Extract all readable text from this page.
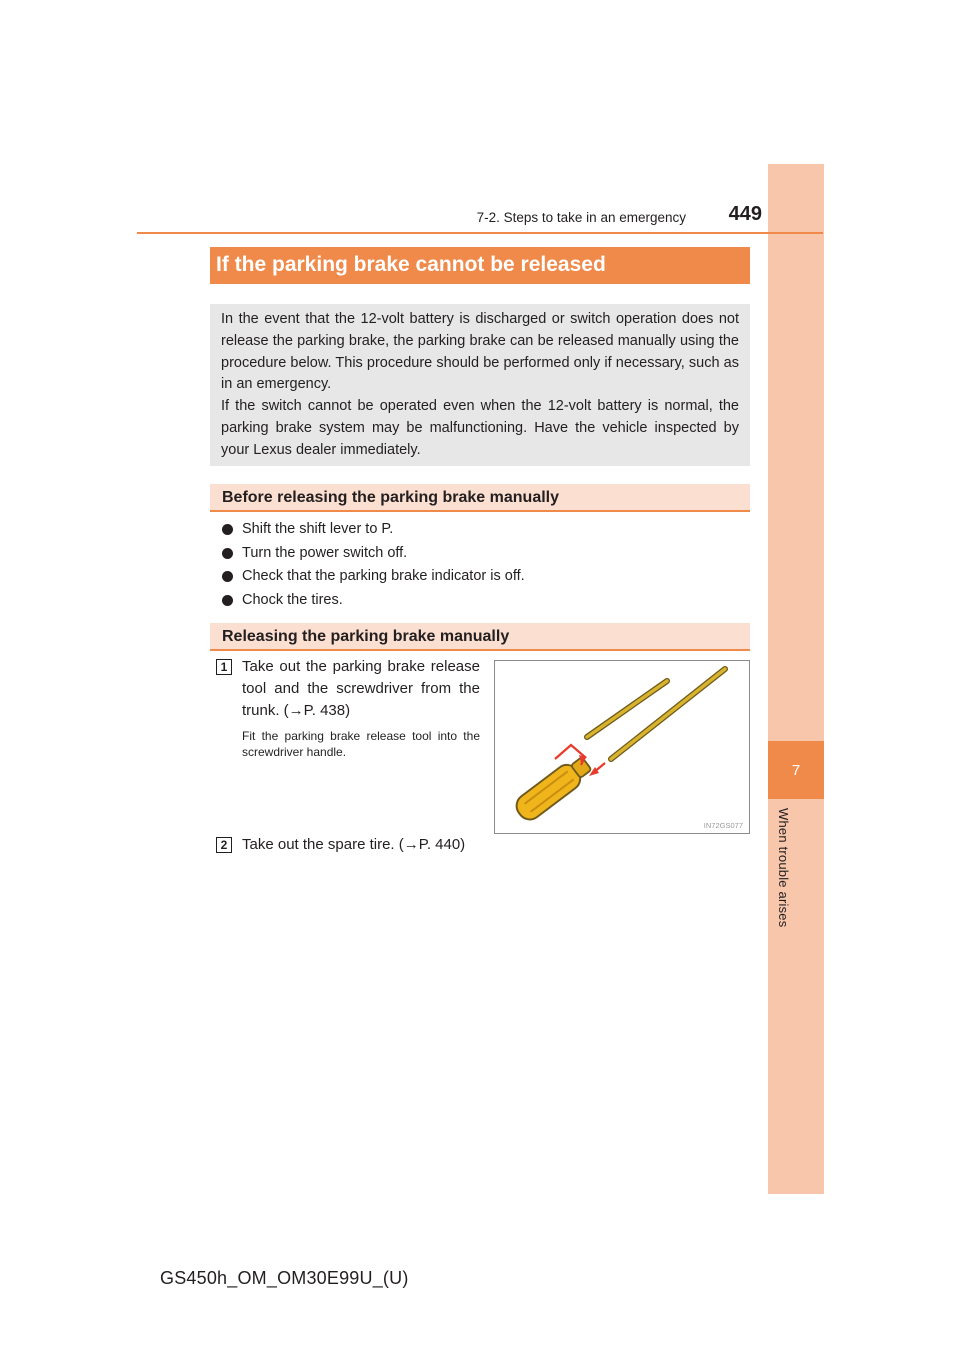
7
When trouble arises
7-2. Steps to take in an emergency	449
If the parking brake cannot be released

In the event that the 12-volt battery is discharged or switch operation does not release the parking brake, the parking brake can be released manually using the procedure below. This procedure should be performed only if necessary, such as in an emergency.

If the switch cannot be operated even when the 12-volt battery is normal, the parking brake system may be malfunctioning. Have the vehicle inspected by your Lexus dealer immediately.

Before releasing the parking brake manually
Shift the shift lever to P.
Turn the power switch off.
Check that the parking brake indicator is off.
Chock the tires.
Releasing the parking brake manually
1 Take out the parking brake release tool and the screwdriver from the trunk. (→P. 438)

Fit the parking brake release tool into the screwdriver handle.
IN72GS077
2 Take out the spare tire. (→P. 440)
GS450h_OM_OM30E99U_(U)
